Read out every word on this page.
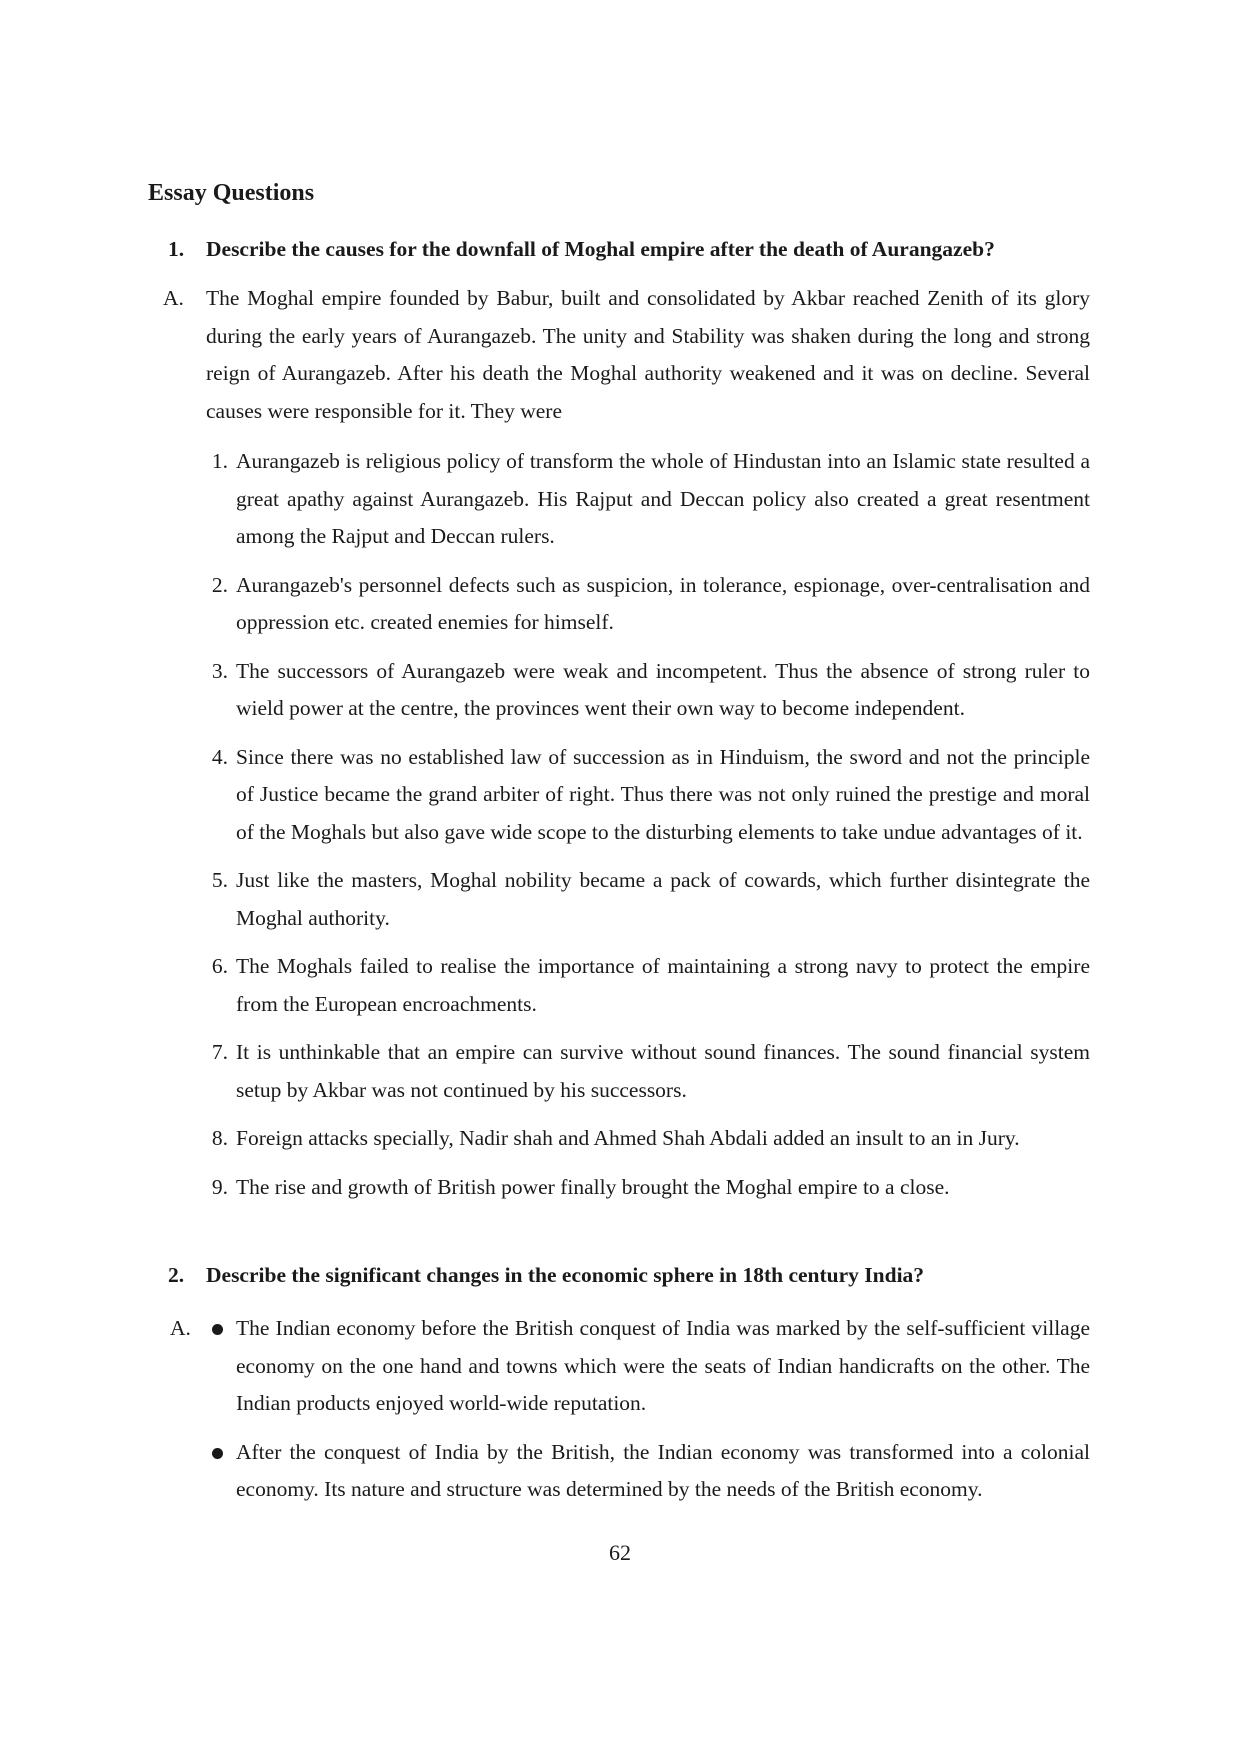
Essay Questions
1. Describe the causes for the downfall of Moghal empire after the death of Aurangazeb?
A. The Moghal empire founded by Babur, built and consolidated by Akbar reached Zenith of its glory during the early years of Aurangazeb. The unity and Stability was shaken during the long and strong reign of Aurangazeb. After his death the Moghal authority weakened and it was on decline. Several causes were responsible for it. They were

1. Aurangazeb is religious policy of transform the whole of Hindustan into an Islamic state resulted a great apathy against Aurangazeb. His Rajput and Deccan policy also created a great resentment among the Rajput and Deccan rulers.
2. Aurangazeb's personnel defects such as suspicion, in tolerance, espionage, over-centralisation and oppression etc. created enemies for himself.
3. The successors of Aurangazeb were weak and incompetent. Thus the absence of strong ruler to wield power at the centre, the provinces went their own way to become independent.
4. Since there was no established law of succession as in Hinduism, the sword and not the principle of Justice became the grand arbiter of right. Thus there was not only ruined the prestige and moral of the Moghals but also gave wide scope to the disturbing elements to take undue advantages of it.
5. Just like the masters, Moghal nobility became a pack of cowards, which further disintegrate the Moghal authority.
6. The Moghals failed to realise the importance of maintaining a strong navy to protect the empire from the European encroachments.
7. It is unthinkable that an empire can survive without sound finances. The sound financial system setup by Akbar was not continued by his successors.
8. Foreign attacks specially, Nadir shah and Ahmed Shah Abdali added an insult to an in Jury.
9. The rise and growth of British power finally brought the Moghal empire to a close.
2. Describe the significant changes in the economic sphere in 18th century India?
A. The Indian economy before the British conquest of India was marked by the self-sufficient village economy on the one hand and towns which were the seats of Indian handicrafts on the other. The Indian products enjoyed world-wide reputation.
After the conquest of India by the British, the Indian economy was transformed into a colonial economy. Its nature and structure was determined by the needs of the British economy.
62
